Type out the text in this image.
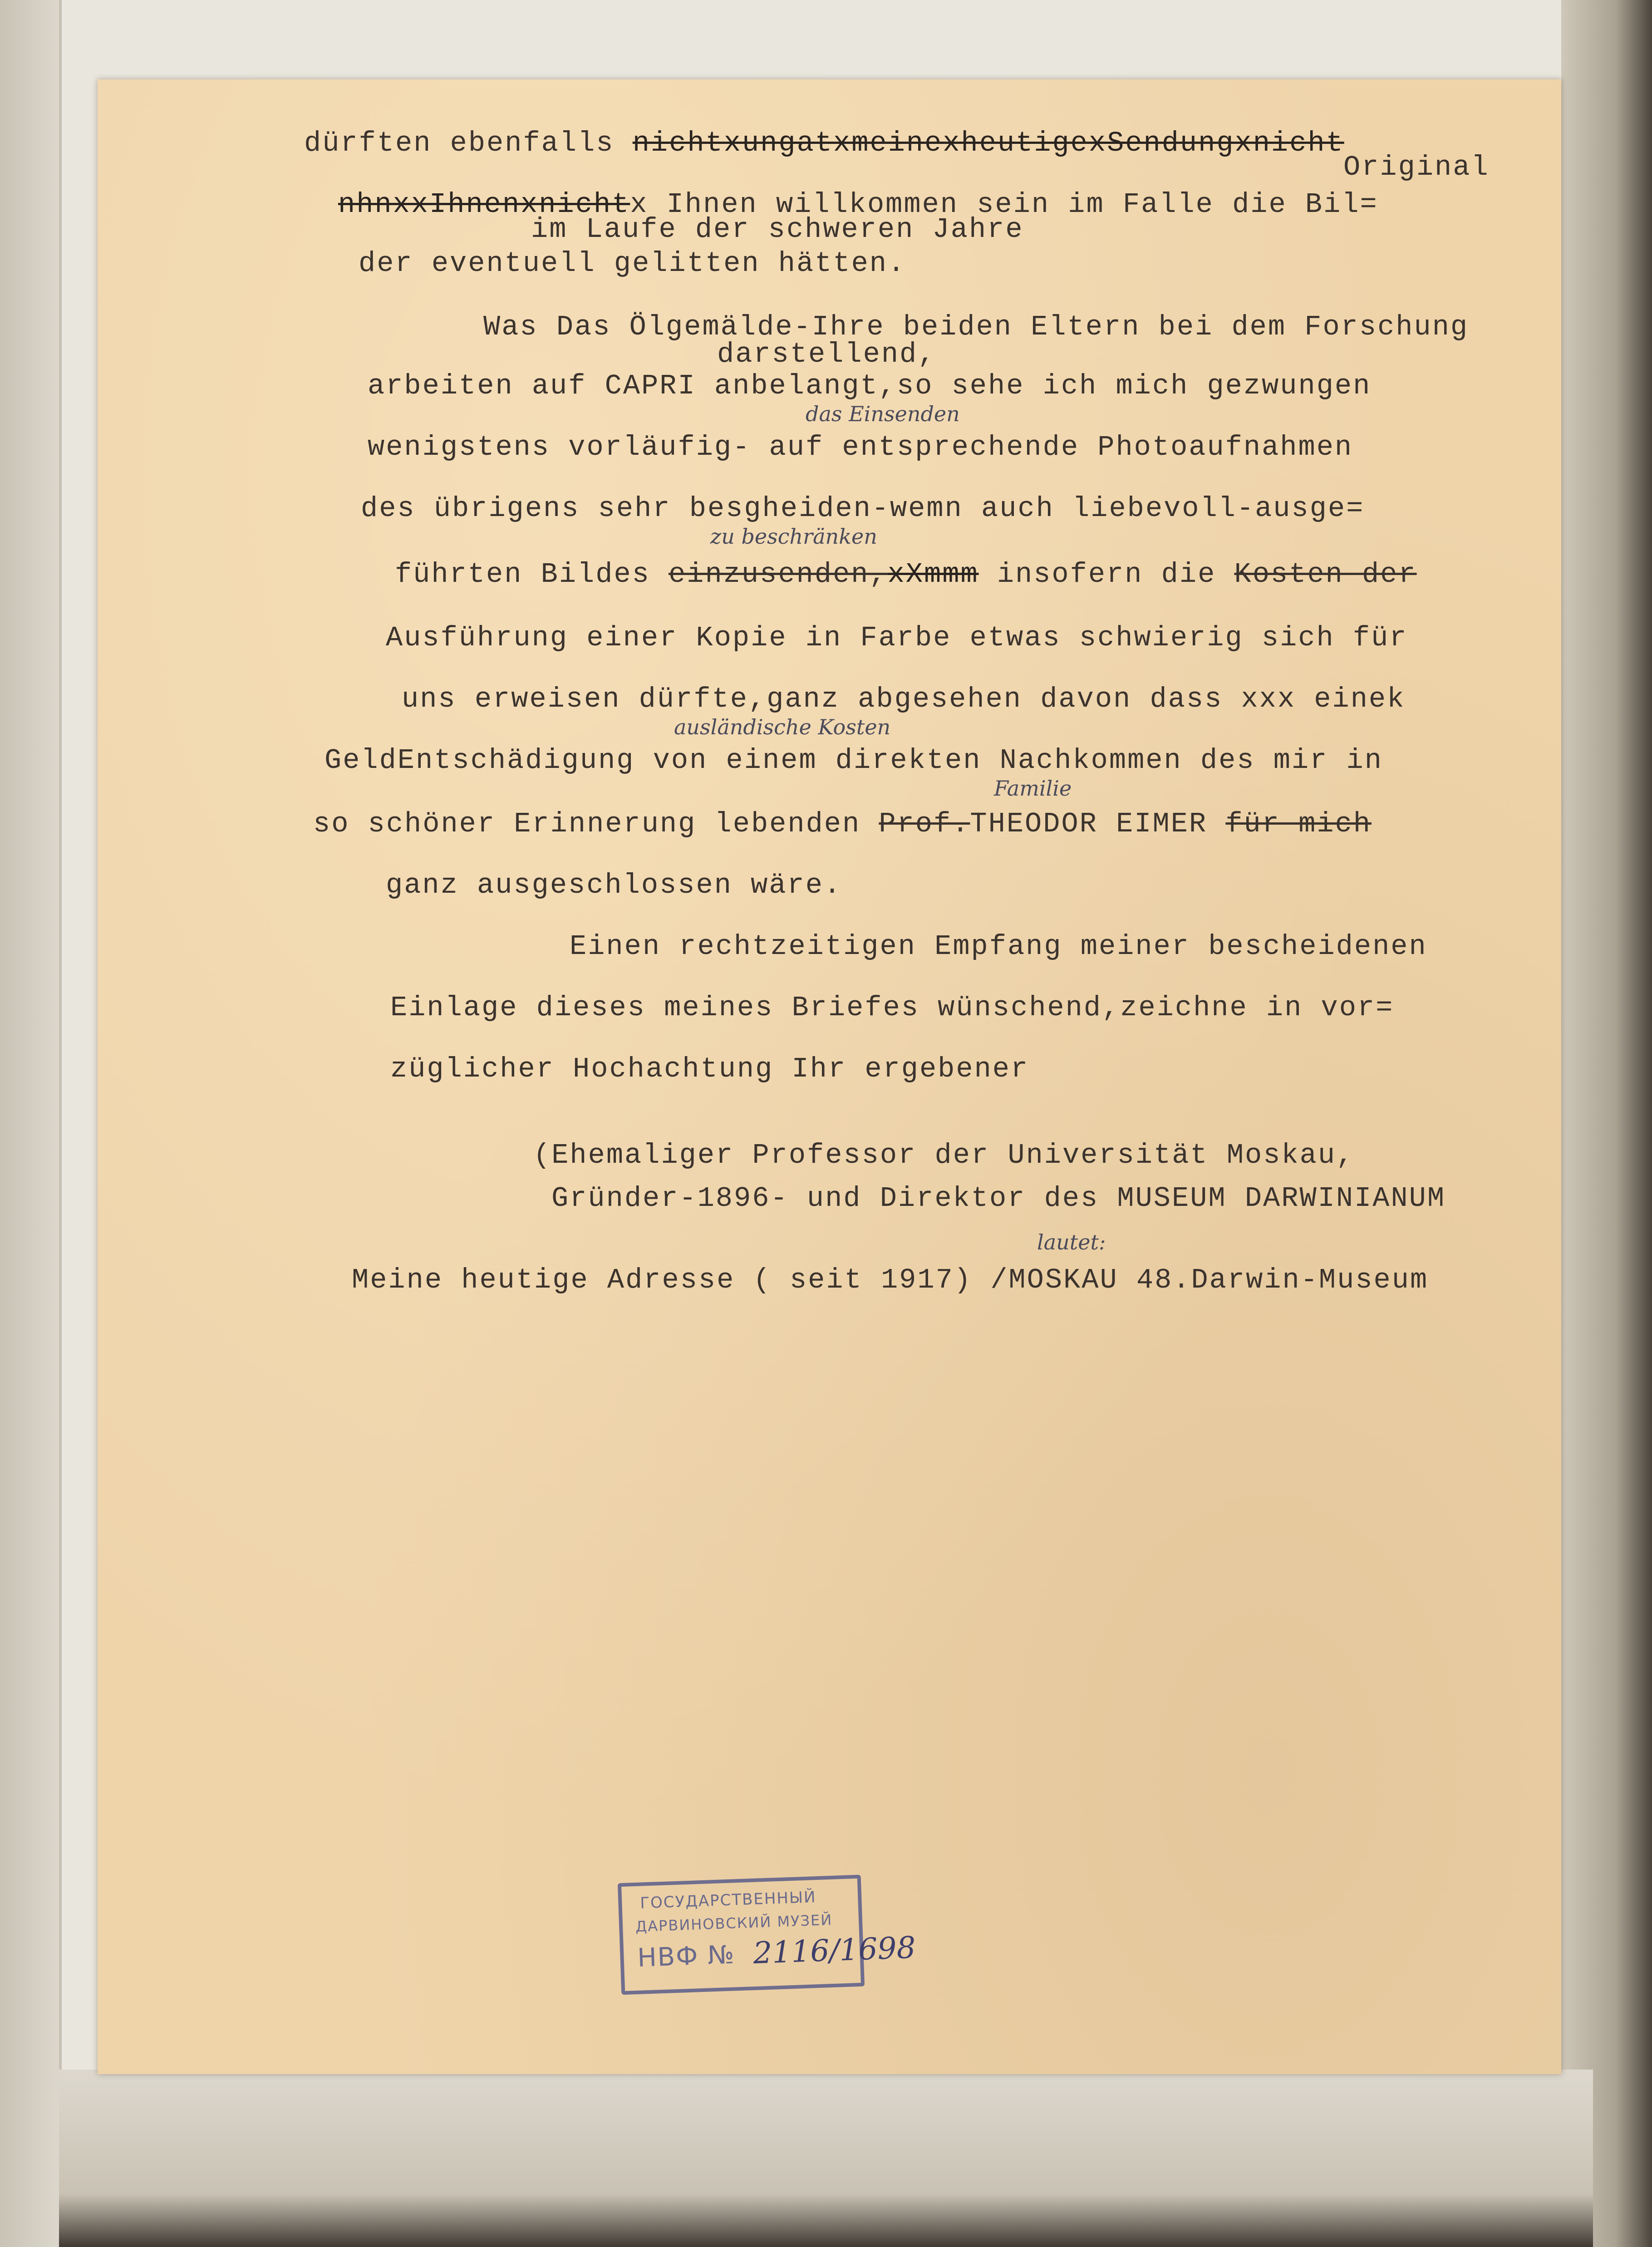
dürften ebenfalls nichtxungatxmeinexheutigexSendungxnicht
Original
nhnxxIhnenxnichtx Ihnen willkommen sein im Falle die Bil=
im Laufe der schweren Jahre
der eventuell gelitten hätten.
Was Das Ölgemälde-Ihre beiden Eltern bei dem Forschung
darstellend,
arbeiten auf CAPRI anbelangt,so sehe ich mich gezwungen
das Einsenden
wenigstens vorläufig- auf entsprechende Photoaufnahmen
des übrigens sehr besgheiden-wemn auch liebevoll-ausge=
zu beschränken
führten Bildes einzusenden,xXmmm insofern die Kosten der
Ausführung einer Kopie in Farbe etwas schwierig sich für
uns erweisen dürfte,ganz abgesehen davon dass xxx einek
ausländische Kosten
GeldEntschädigung von einem direkten Nachkommen des mir in
Familie
so schöner Erinnerung lebenden Prof.THEODOR EIMER für mich
ganz ausgeschlossen wäre.
Einen rechtzeitigen Empfang meiner bescheidenen
Einlage dieses meines Briefes wünschend,zeichne in vor=
züglicher Hochachtung Ihr ergebener
(Ehemaliger Professor der Universität Moskau,
Gründer-1896- und Direktor des MUSEUM DARWINIANUM
lautet:
Meine heutige Adresse ( seit 1917) /MOSKAU 48.Darwin-Museum
ГОСУДАРСТВЕННЫЙ
ДАРВИНОВСКИЙ МУЗЕЙ
НВФ № 2116/1698
